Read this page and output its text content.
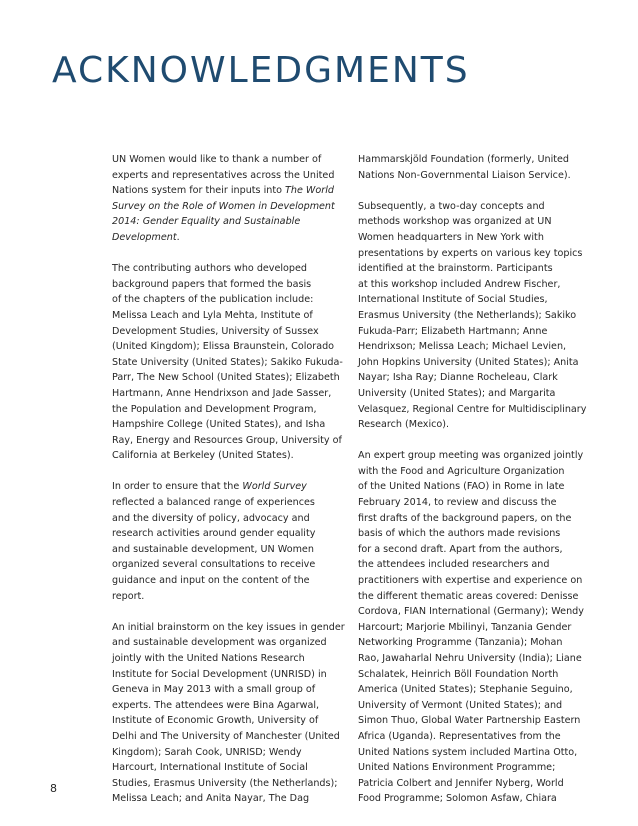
ACKNOWLEDGMENTS

UN Women would like to thank a number of
experts and representatives across the United
Nations system for their inputs into The World
Survey on the Role of Women in Development
2014: Gender Equality and Sustainable
Development.

The contributing authors who developed
background papers that formed the basis
of the chapters of the publication include:
Melissa Leach and Lyla Mehta, Institute of
Development Studies, University of Sussex
(United Kingdom); Elissa Braunstein, Colorado
State University (United States); Sakiko Fukuda-
Parr, The New School (United States); Elizabeth
Hartmann, Anne Hendrixson and Jade Sasser,
the Population and Development Program,
Hampshire College (United States), and Isha
Ray, Energy and Resources Group, University of
California at Berkeley (United States).

In order to ensure that the World Survey
reflected a balanced range of experiences
and the diversity of policy, advocacy and
research activities around gender equality
and sustainable development, UN Women
organized several consultations to receive
guidance and input on the content of the
report.

An initial brainstorm on the key issues in gender
and sustainable development was organized
jointly with the United Nations Research
Institute for Social Development (UNRISD) in
Geneva in May 2013 with a small group of
experts. The attendees were Bina Agarwal,
Institute of Economic Growth, University of
Delhi and The University of Manchester (United
Kingdom); Sarah Cook, UNRISD; Wendy
Harcourt, International Institute of Social
Studies, Erasmus University (the Netherlands);
Melissa Leach; and Anita Nayar, The Dag

Hammarskjöld Foundation (formerly, United
Nations Non-Governmental Liaison Service).

Subsequently, a two-day concepts and
methods workshop was organized at UN
Women headquarters in New York with
presentations by experts on various key topics
identified at the brainstorm. Participants
at this workshop included Andrew Fischer,
International Institute of Social Studies,
Erasmus University (the Netherlands); Sakiko
Fukuda-Parr; Elizabeth Hartmann; Anne
Hendrixson; Melissa Leach; Michael Levien,
John Hopkins University (United States); Anita
Nayar; Isha Ray; Dianne Rocheleau, Clark
University (United States); and Margarita
Velasquez, Regional Centre for Multidisciplinary
Research (Mexico).

An expert group meeting was organized jointly
with the Food and Agriculture Organization
of the United Nations (FAO) in Rome in late
February 2014, to review and discuss the
first drafts of the background papers, on the
basis of which the authors made revisions
for a second draft. Apart from the authors,
the attendees included researchers and
practitioners with expertise and experience on
the different thematic areas covered: Denisse
Cordova, FIAN International (Germany); Wendy
Harcourt; Marjorie Mbilinyi, Tanzania Gender
Networking Programme (Tanzania); Mohan
Rao, Jawaharlal Nehru University (India); Liane
Schalatek, Heinrich Böll Foundation North
America (United States); Stephanie Seguino,
University of Vermont (United States); and
Simon Thuo, Global Water Partnership Eastern
Africa (Uganda). Representatives from the
United Nations system included Martina Otto,
United Nations Environment Programme;
Patricia Colbert and Jennifer Nyberg, World
Food Programme; Solomon Asfaw, Chiara

8
